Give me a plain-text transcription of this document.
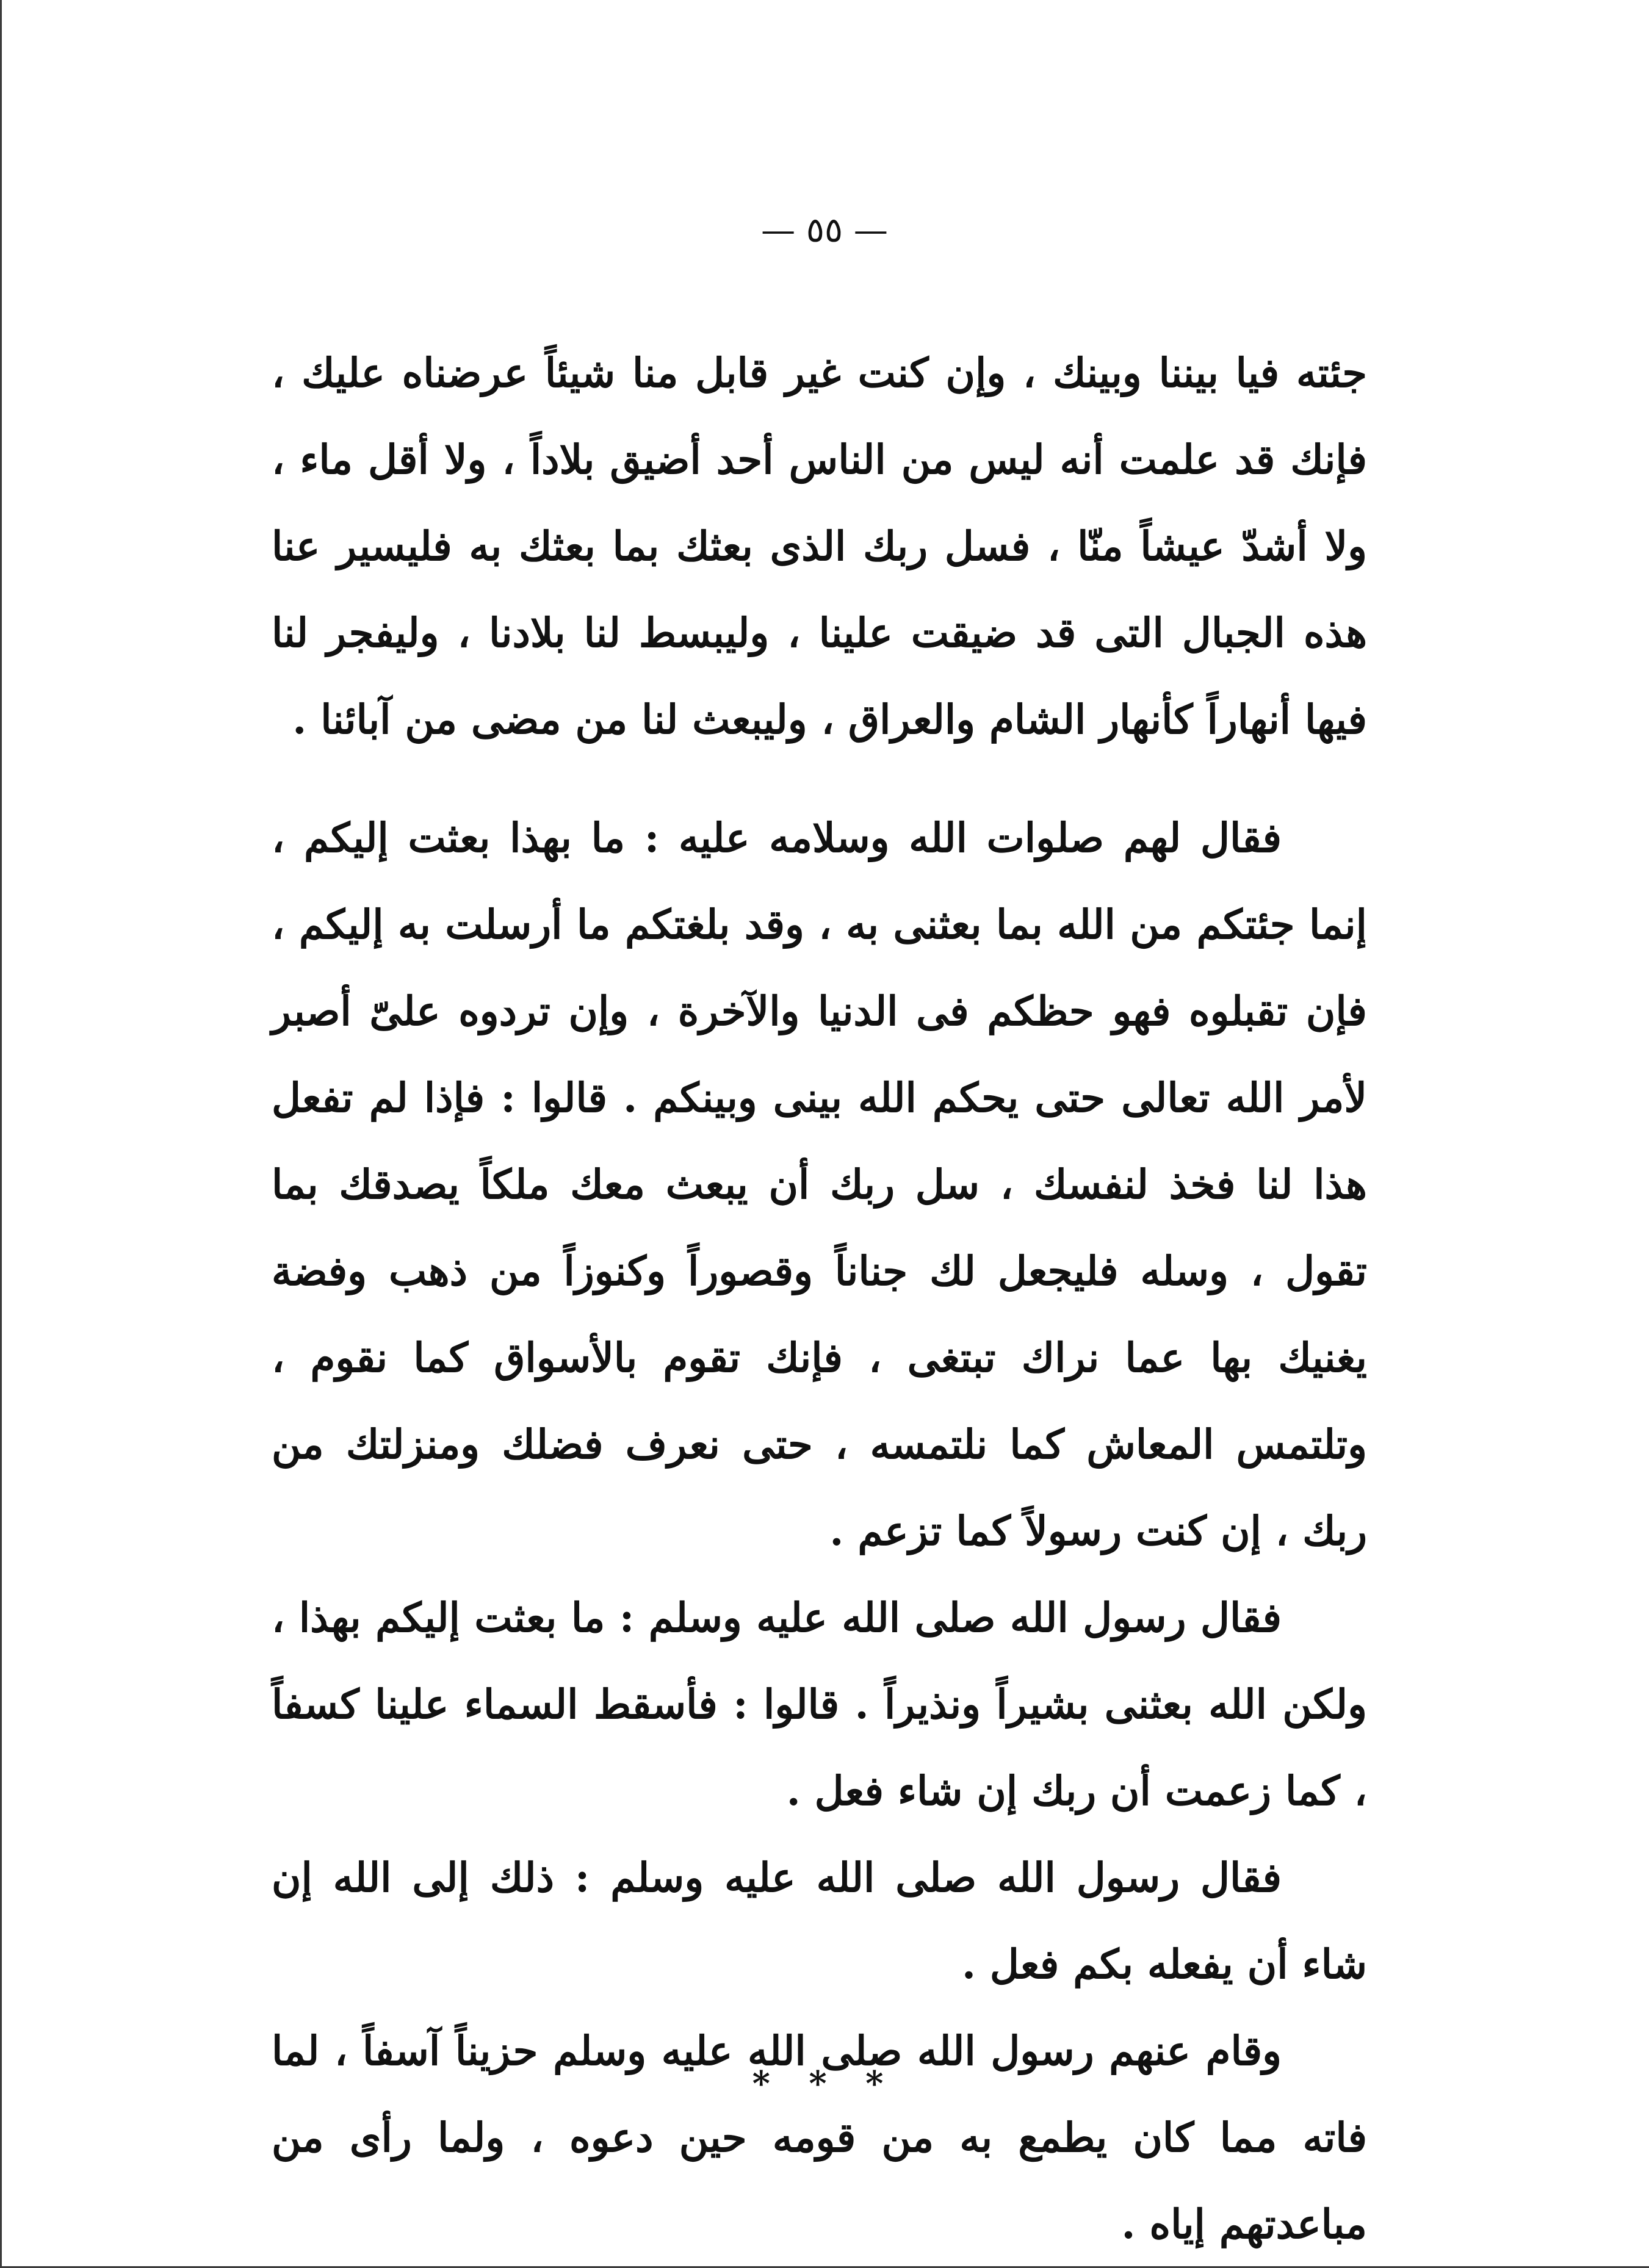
— ٥٥ —

جئته فيا بيننا وبينك ، وإن كنت غير قابل منا شيئاً عرضناه عليك ، فإنك قد علمت أنه ليس من الناس أحد أضيق بلاداً ، ولا أقل ماء ، ولا أشدّ عيشاً منّا ، فسل ربك الذى بعثك بما بعثك به فليسير عنا هذه الجبال التى قد ضيقت علينا ، وليبسط لنا بلادنا ، وليفجر لنا فيها أنهاراً كأنهار الشام والعراق ، وليبعث لنا من مضى من آبائنا .

فقال لهم صلوات الله وسلامه عليه : ما بهذا بعثت إليكم ، إنما جئتكم من الله بما بعثنى به ، وقد بلغتكم ما أرسلت به إليكم ، فإن تقبلوه فهو حظكم فى الدنيا والآخرة ، وإن تردوه علىّ أصبر لأمر الله تعالى حتى يحكم الله بينى وبينكم . قالوا : فإذا لم تفعل هذا لنا فخذ لنفسك ، سل ربك أن يبعث معك ملكاً يصدقك بما تقول ، وسله فليجعل لك جناناً وقصوراً وكنوزاً من ذهب وفضة يغنيك بها عما نراك تبتغى ، فإنك تقوم بالأسواق كما نقوم ، وتلتمس المعاش كما نلتمسه ، حتى نعرف فضلك ومنزلتك من ربك ، إن كنت رسولاً كما تزعم .

فقال رسول الله صلى الله عليه وسلم : ما بعثت إليكم بهذا ، ولكن الله بعثنى بشيراً ونذيراً . قالوا : فأسقط السماء علينا كسفاً ، كما زعمت أن ربك إن شاء فعل .

فقال رسول الله صلى الله عليه وسلم : ذلك إلى الله إن شاء أن يفعله بكم فعل .

وقام عنهم رسول الله صلى الله عليه وسلم حزيناً آسفاً ، لما فاته مما كان يطمع به من قومه حين دعوه ، ولما رأى من مباعدتهم إياه .

* * *
